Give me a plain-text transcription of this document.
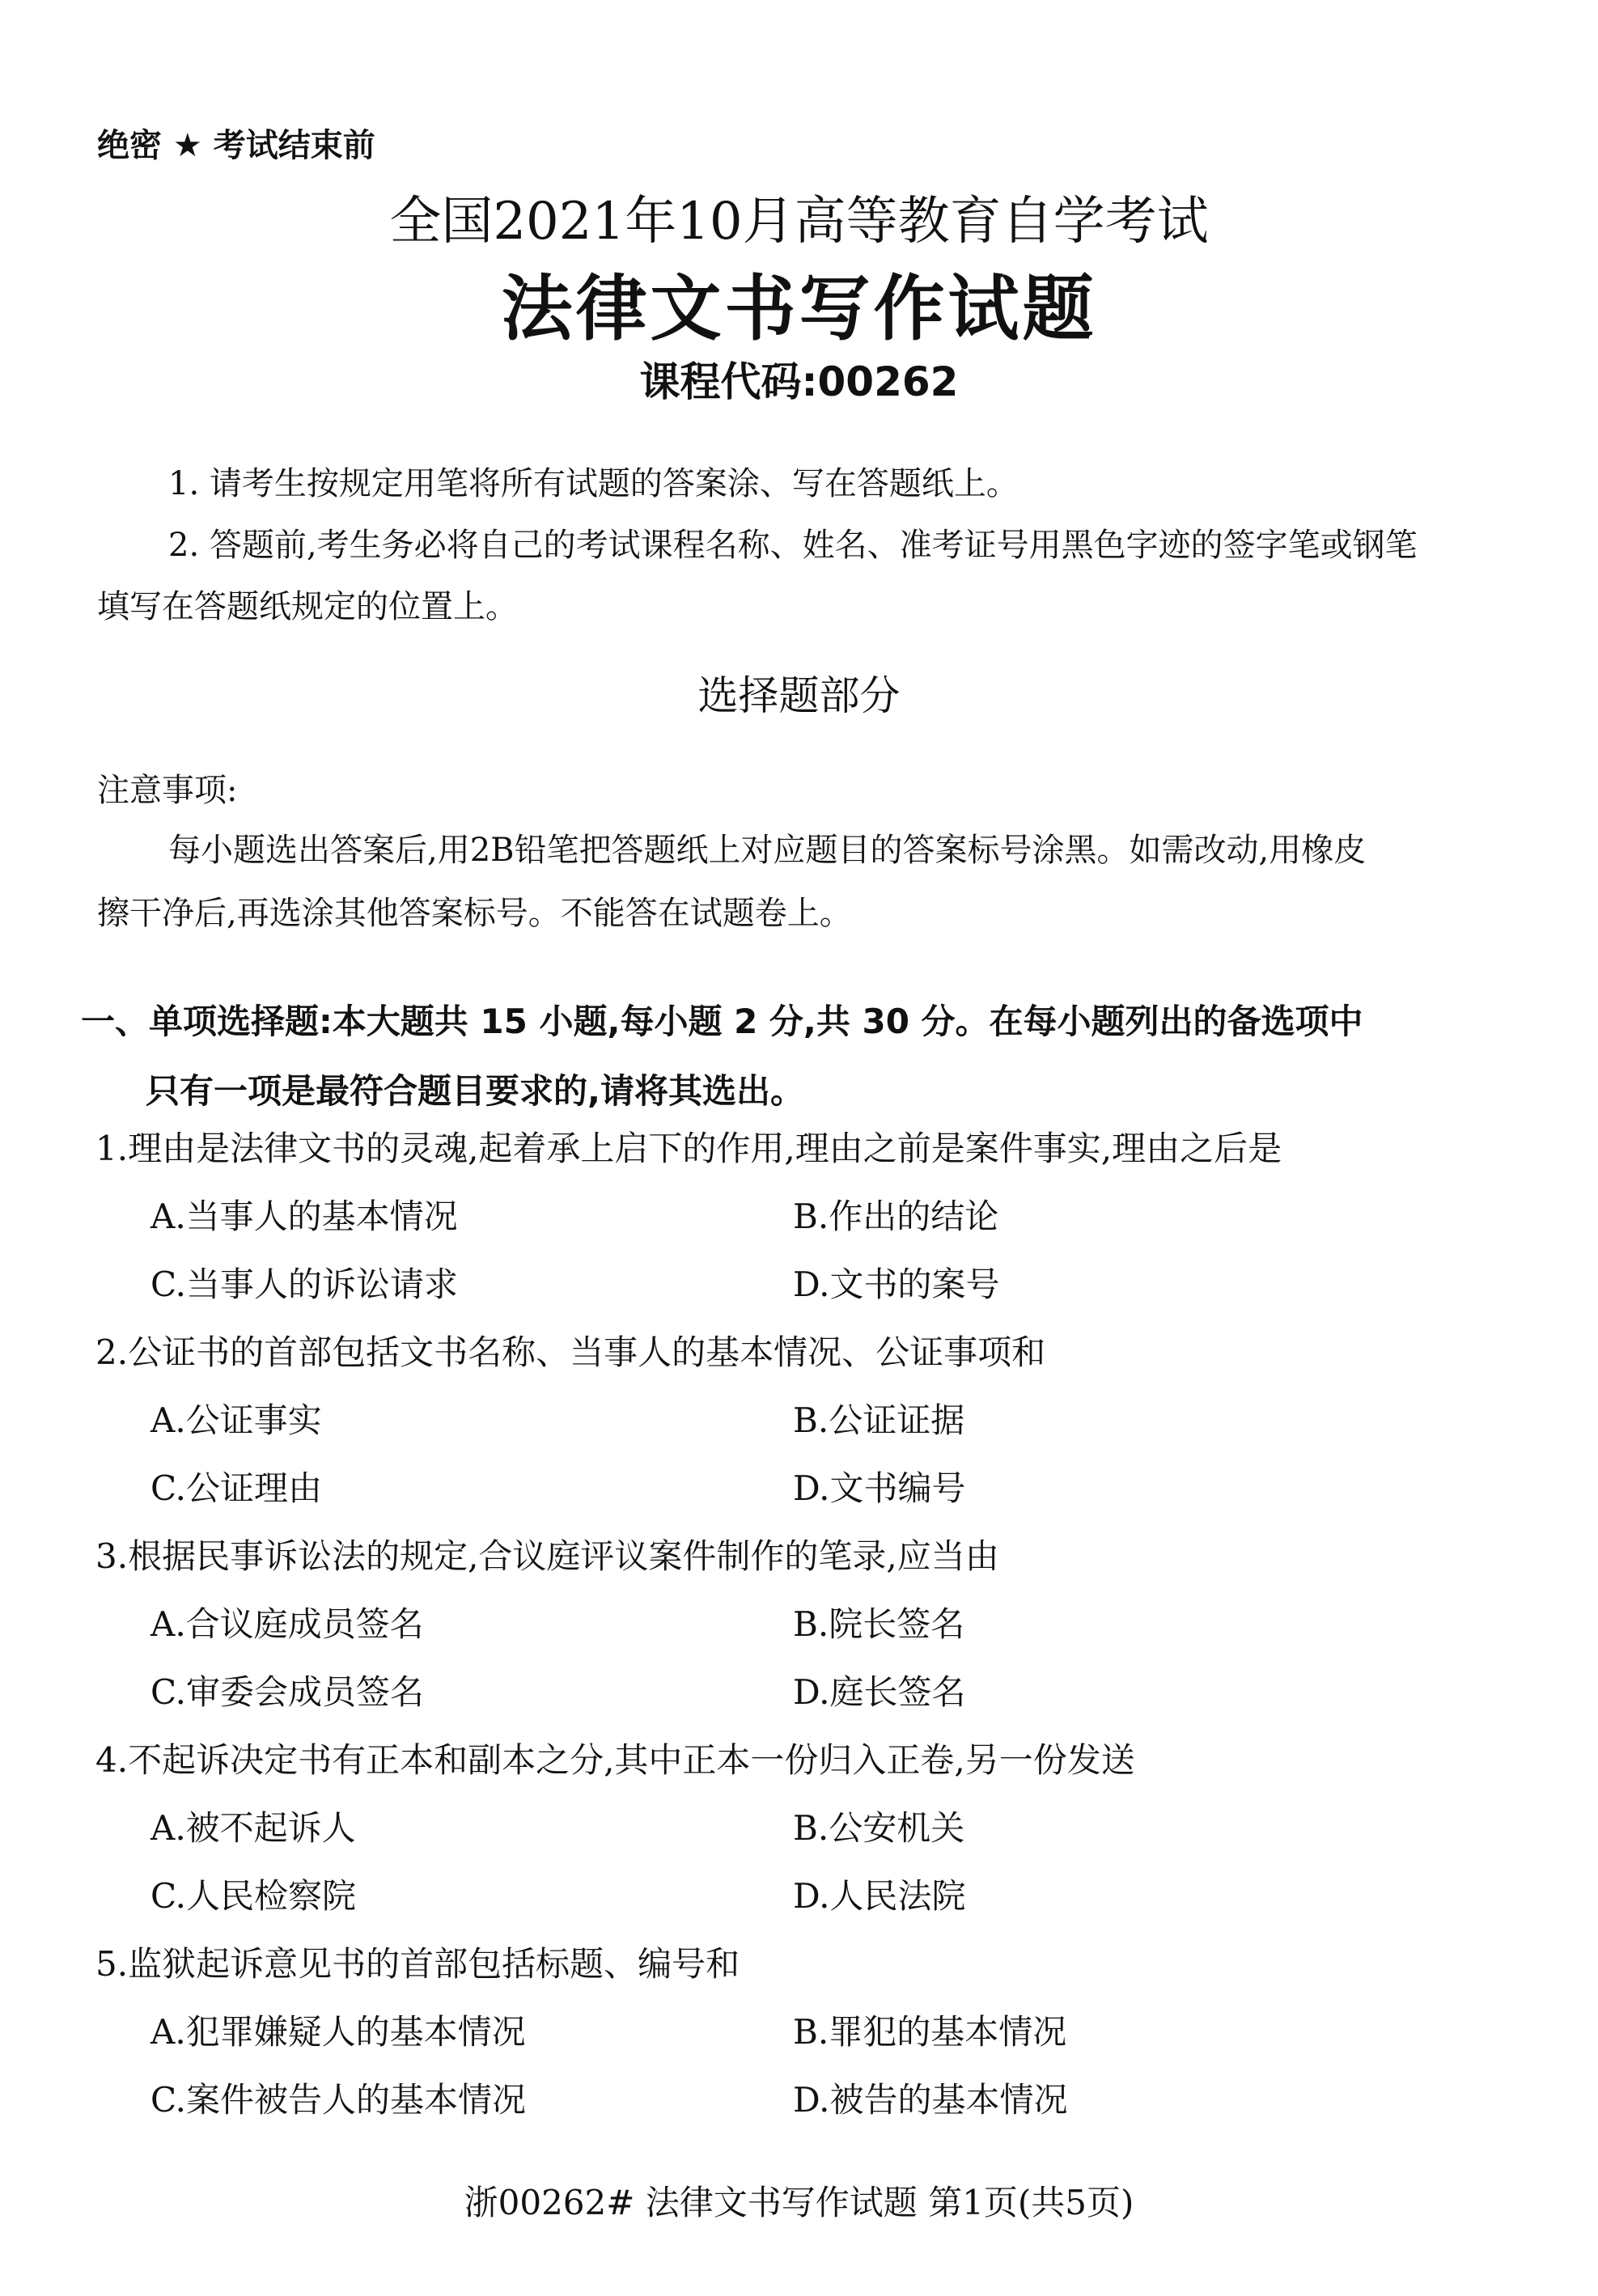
绝密 ★ 考试结束前
全国2021年10月高等教育自学考试
法律文书写作试题
课程代码:00262
1. 请考生按规定用笔将所有试题的答案涂、写在答题纸上。
2. 答题前,考生务必将自己的考试课程名称、姓名、准考证号用黑色字迹的签字笔或钢笔
填写在答题纸规定的位置上。
选择题部分
注意事项:
每小题选出答案后,用2B铅笔把答题纸上对应题目的答案标号涂黑。如需改动,用橡皮
擦干净后,再选涂其他答案标号。不能答在试题卷上。
一、单项选择题:本大题共 15 小题,每小题 2 分,共 30 分。在每小题列出的备选项中
只有一项是最符合题目要求的,请将其选出。
1.理由是法律文书的灵魂,起着承上启下的作用,理由之前是案件事实,理由之后是
A.当事人的基本情况	B.作出的结论
C.当事人的诉讼请求	D.文书的案号
2.公证书的首部包括文书名称、当事人的基本情况、公证事项和
A.公证事实	B.公证证据
C.公证理由	D.文书编号
3.根据民事诉讼法的规定,合议庭评议案件制作的笔录,应当由
A.合议庭成员签名	B.院长签名
C.审委会成员签名	D.庭长签名
4.不起诉决定书有正本和副本之分,其中正本一份归入正卷,另一份发送
A.被不起诉人	B.公安机关
C.人民检察院	D.人民法院
5.监狱起诉意见书的首部包括标题、编号和
A.犯罪嫌疑人的基本情况	B.罪犯的基本情况
C.案件被告人的基本情况	D.被告的基本情况
浙00262# 法律文书写作试题 第1页(共5页)
